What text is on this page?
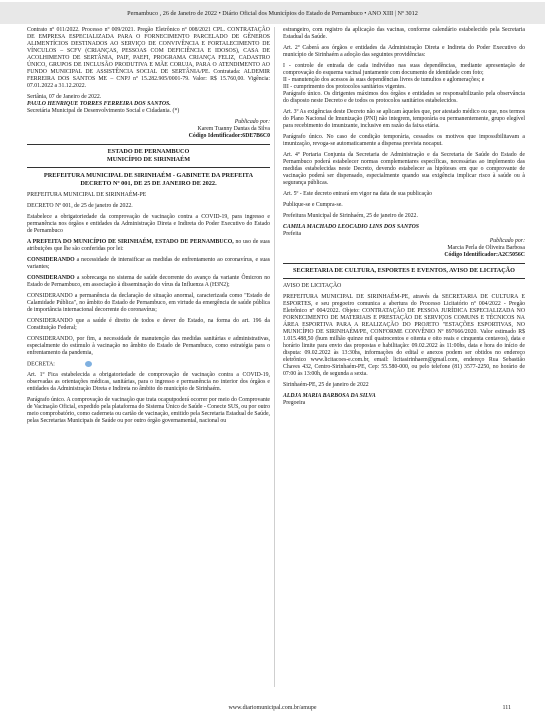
Pernambuco , 26 de Janeiro de 2022 • Diário Oficial dos Municípios do Estado de Pernambuco • ANO XIII | Nº 3012

Contrato nº 011/2022. Processo nº 009/2021. Pregão Eletrônico nº 008/2021 CPL. CONTRATAÇÃO DE EMPRESA ESPECIALIZADA PARA O FORNECIMENTO PARCELADO DE GÊNEROS ALIMENTÍCIOS DESTINADOS AO SERVIÇO DE CONVIVÊNCIA E FORTALECIMENTO DE VÍNCULOS – SCFV (CRIANÇAS, PESSOAS COM DEFICIÊNCIA E IDOSOS), CASA DE ACOLHIMENTO DE SERTÂNIA, PAIF, PAEFI, PROGRAMA CRIANÇA FELIZ, CADASTRO ÚNICO, GRUPOS DE INCLUSÃO PRODUTIVA E MÃE CORUJA, PARA O ATENDIMENTO AO FUNDO MUNICIPAL DE ASSISTÊNCIA SOCIAL DE SERTÂNIA/PE. Contratada: ALDEMIR FERREIRA DOS SANTOS ME – CNPJ nº 15.282.905/0001-79. Valor: R$ 15.760,00. Vigência: 07.01.2022 a 31.12.2022.

Sertânia, 07 de Janeiro de 2022.

PAULO HENRIQUE TORRES FERREIRA DOS SANTOS.

Secretária Municipal de Desenvolvimento Social e Cidadania. (*)

Publicado por:
Karem Tuanny Dantas da Silva
Código Identificador:6DE7B6C0
ESTADO DE PERNAMBUCO
MUNICÍPIO DE SIRINHAÉM
PREFEITURA MUNICIPAL DE SIRINHAÉM - GABINETE DA PREFEITA
DECRETO Nº 001, DE 25 DE JANEIRO DE 2022.

PREFEITURA MUNICIPAL DE SIRINHAÉM-PE

DECRETO Nº 001, de 25 de janeiro de 2022.

Estabelece a obrigatoriedade da comprovação de vacinação contra a COVID-19, para ingresso e permanência nos órgãos e entidades da Administração Direta e Indireta do Poder Executivo do Estado de Pernambuco

A PREFEITA DO MUNICÍPIO DE SIRINHAÉM, ESTADO DE PERNAMBUCO, no uso de suas atribuições que lhe são conferidas por lei:

CONSIDERANDO a necessidade de intensificar as medidas de enfrentamento ao coronavírus, e suas variantes;

CONSIDERANDO a sobrecarga no sistema de saúde decorrente do avanço da variante Ômicron no Estado de Pernambuco, em associação à disseminação do vírus da Influenza A (H3N2);

CONSIDERANDO a permanência da declaração de situação anormal, caracterizada como "Estado de Calamidade Pública", no âmbito do Estado de Pernambuco, em virtude da emergência de saúde pública de importância internacional decorrente do coronavírus;

CONSIDERANDO que a saúde é direito de todos e dever do Estado, na forma do art. 196 da Constituição Federal;

CONSIDERANDO, por fim, a necessidade de manutenção das medidas sanitárias e administrativas, especialmente do estímulo à vacinação no âmbito do Estado de Pernambuco, como estratégia para o enfrentamento da pandemia,

DECRETA:

Art. 1º Fica estabelecida a obrigatoriedade de comprovação de vacinação contra a COVID-19, observadas as orientações médicas, sanitárias, para o ingresso e permanência no interior dos órgãos e entidades da Administração Direta e Indireta no âmbito do município de Sirinhaém.

Parágrafo único. A comprovação de vacinação que trata ocaputpoderá ocorrer por meio do Comprovante de Vacinação Oficial, expedido pela plataforma do Sistema Único de Saúde - Conecte SUS, ou por outro meio comprobatório, como caderneta ou cartão de vacinação, emitido pela Secretaria Estadual de Saúde, pelas Secretarias Municipais de Saúde ou por outro órgão governamental, nacional ou

estrangeiro, com registro da aplicação das vacinas, conforme calendário estabelecido pela Secretaria Estadual da Saúde.

Art. 2º Caberá aos órgãos e entidades da Administração Direta e Indireta do Poder Executivo do município de Sirinhaém a adoção das seguintes providências:

I - controle de entrada de cada indivíduo nas suas dependências, mediante apresentação de comprovação do esquema vacinal juntamente com documento de identidade com foto;

II - manutenção dos acessos às suas dependências livres de tumultos e aglomerações; e

III - cumprimento dos protocolos sanitários vigentes.

Parágrafo único. Os dirigentes máximos dos órgãos e entidades se responsabilizarão pela observância do disposto neste Decreto e de todos os protocolos sanitários estabelecidos.

Art. 3º As exigências deste Decreto não se aplicam àqueles que, por atestado médico ou que, nos termos do Plano Nacional de Imunização (PNI) não integrem, temporária ou permanentemente, grupo elegível para recebimento do imunizante, inclusive em razão da faixa etária.

Parágrafo único. No caso de condição temporária, cessados os motivos que impossibilitavam a imunização, revoga-se automaticamente a dispensa prevista nocaput.

Art. 4º Portaria Conjunta da Secretaria de Administração e da Secretaria de Saúde do Estado de Pernambuco poderá estabelecer normas complementares específicas, necessárias ao implemento das medidas estabelecidas neste Decreto, devendo estabelecer as hipóteses em que o comprovante de vacinação poderá ser dispensado, especialmente quando sua exigência implicar risco à saúde ou à segurança públicas.

Art. 5º - Este decreto entrará em vigor na data de sua publicação

Publique-se e Cumpra-se.

Prefeitura Municipal de Sirinhaém, 25 de janeiro de 2022.

CAMILA MACHADO LEOCADIO LINS DOS SANTOS

Prefeita

Publicado por:
Marcia Perla de Oliveira Barbosa
Código Identificador:A2C5056C
SECRETARIA DE CULTURA, ESPORTES E EVENTOS, AVISO DE LICITAÇÃO

AVISO DE LICITAÇÃO

PREFEITURA MUNICIPAL DE SIRINHAÉM-PE, através da SECRETARIA DE CULTURA E ESPORTES, e seu pregoeiro comunica a abertura do Processo Licitatório nº 004/2022 - Pregão Eletrônico nº 004/2022. Objeto: CONTRATAÇÃO DE PESSOA JURÍDICA ESPECIALIZADA NO FORNECIMENTO DE MATERIAIS E PRESTAÇÃO DE SERVIÇOS COMUNS E TÉCNICOS NA ÁREA ESPORTIVA PARA A REALIZAÇÃO DO PROJETO "ESTAÇÕES ESPORTIVAS, NO MUNICÍPIO DE SIRINHAÉM/PE, CONFORME CONVÊNIO Nº 897666/2020. Valor estimado R$ 1.015.488,50 (hum milhão quinze mil quatrocentos e oitenta e oito reais e cinquenta centavos), data e horário limite para envio das propostas e habilitação: 09.02.2022 às 11:00hs, data e hora do início de disputa: 09.02.2022 às 13:30hs, informações do edital e anexos podem ser obtidos no endereço eletrônico www.licitacoes-e.com.br, email: licitasirinhaem@gmail.com, endereço Rua Sebastião Chaves 432, Centro-Sirinhaém-PE, Cep: 55.580-000, ou pelo telefone (81) 3577-2250, no horário de 07:00 às 13:00h, de segunda a sexta.

Sirinhaém-PE, 25 de janeiro de 2022

ALDJA MARIA BARBOSA DA SILVA

Pregoeira

www.diariomunicipal.com.br/amupe	111
